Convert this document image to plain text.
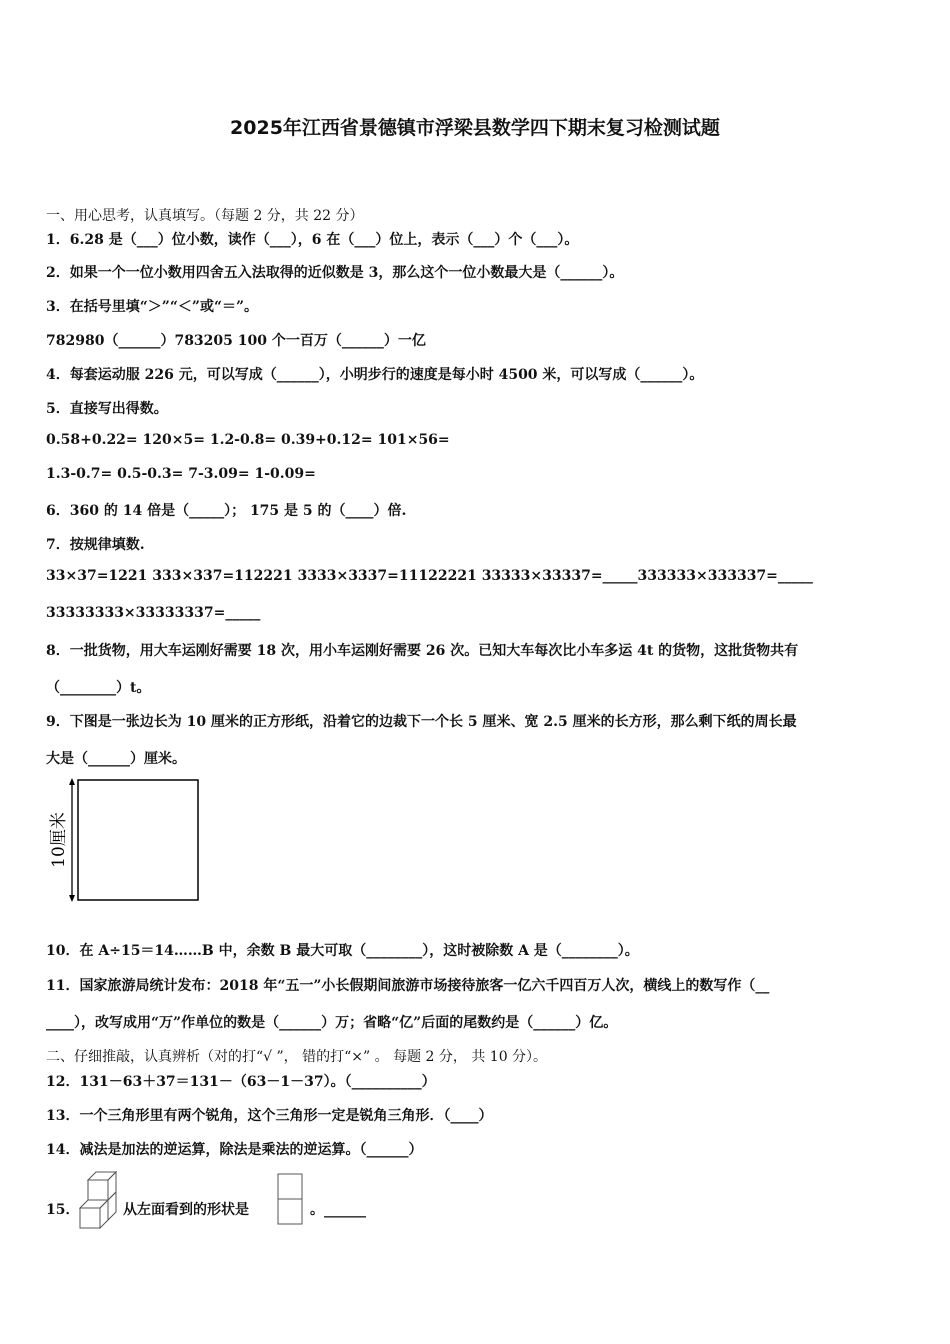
2025年江西省景德镇市浮梁县数学四下期末复习检测试题
一、用心思考，认真填写。（每题 2 分，共 22 分）
1．6.28 是（___）位小数，读作（___），6 在（___）位上，表示（___）个（___）。
2．如果一个一位小数用四舍五入法取得的近似数是 3，那么这个一位小数最大是（______）。
3．在括号里填“＞”“＜”或“＝”。
782980（______）783205 100 个一百万（______）一亿
4．每套运动服 226 元，可以写成（______），小明步行的速度是每小时 4500 米，可以写成（______）。
5．直接写出得数。
0.58+0.22= 120×5= 1.2-0.8= 0.39+0.12= 101×56=
1.3-0.7= 0.5-0.3= 7-3.09= 1-0.09=
6．360 的 14 倍是（_____）； 175 是 5 的（____）倍.
7．按规律填数.
33×37=1221 333×337=112221 3333×3337=11122221 33333×33337=_____333333×333337=_____
33333333×33333337=_____
8．一批货物，用大车运刚好需要 18 次，用小车运刚好需要 26 次。已知大车每次比小车多运 4t 的货物，这批货物共有
（________）t。
9．下图是一张边长为 10 厘米的正方形纸，沿着它的边裁下一个长 5 厘米、宽 2.5 厘米的长方形，那么剩下纸的周长最
大是（______）厘米。
10厘米
10．在 A÷15＝14……B 中，余数 B 最大可取（________），这时被除数 A 是（________）。
11．国家旅游局统计发布：2018 年“五一”小长假期间旅游市场接待旅客一亿六千四百万人次，横线上的数写作（__
____），改写成用“万”作单位的数是（______）万；省略“亿”后面的尾数约是（______）亿。
二、仔细推敲，认真辨析（对的打“√ ”， 错的打“×” 。 每题 2 分， 共 10 分）。
12．131－63＋37＝131－（63－1－37）。（__________）
13．一个三角形里有两个锐角，这个三角形一定是锐角三角形．（____）
14．减法是加法的逆运算，除法是乘法的逆运算。（______）
15．	从左面看到的形状是	。______
